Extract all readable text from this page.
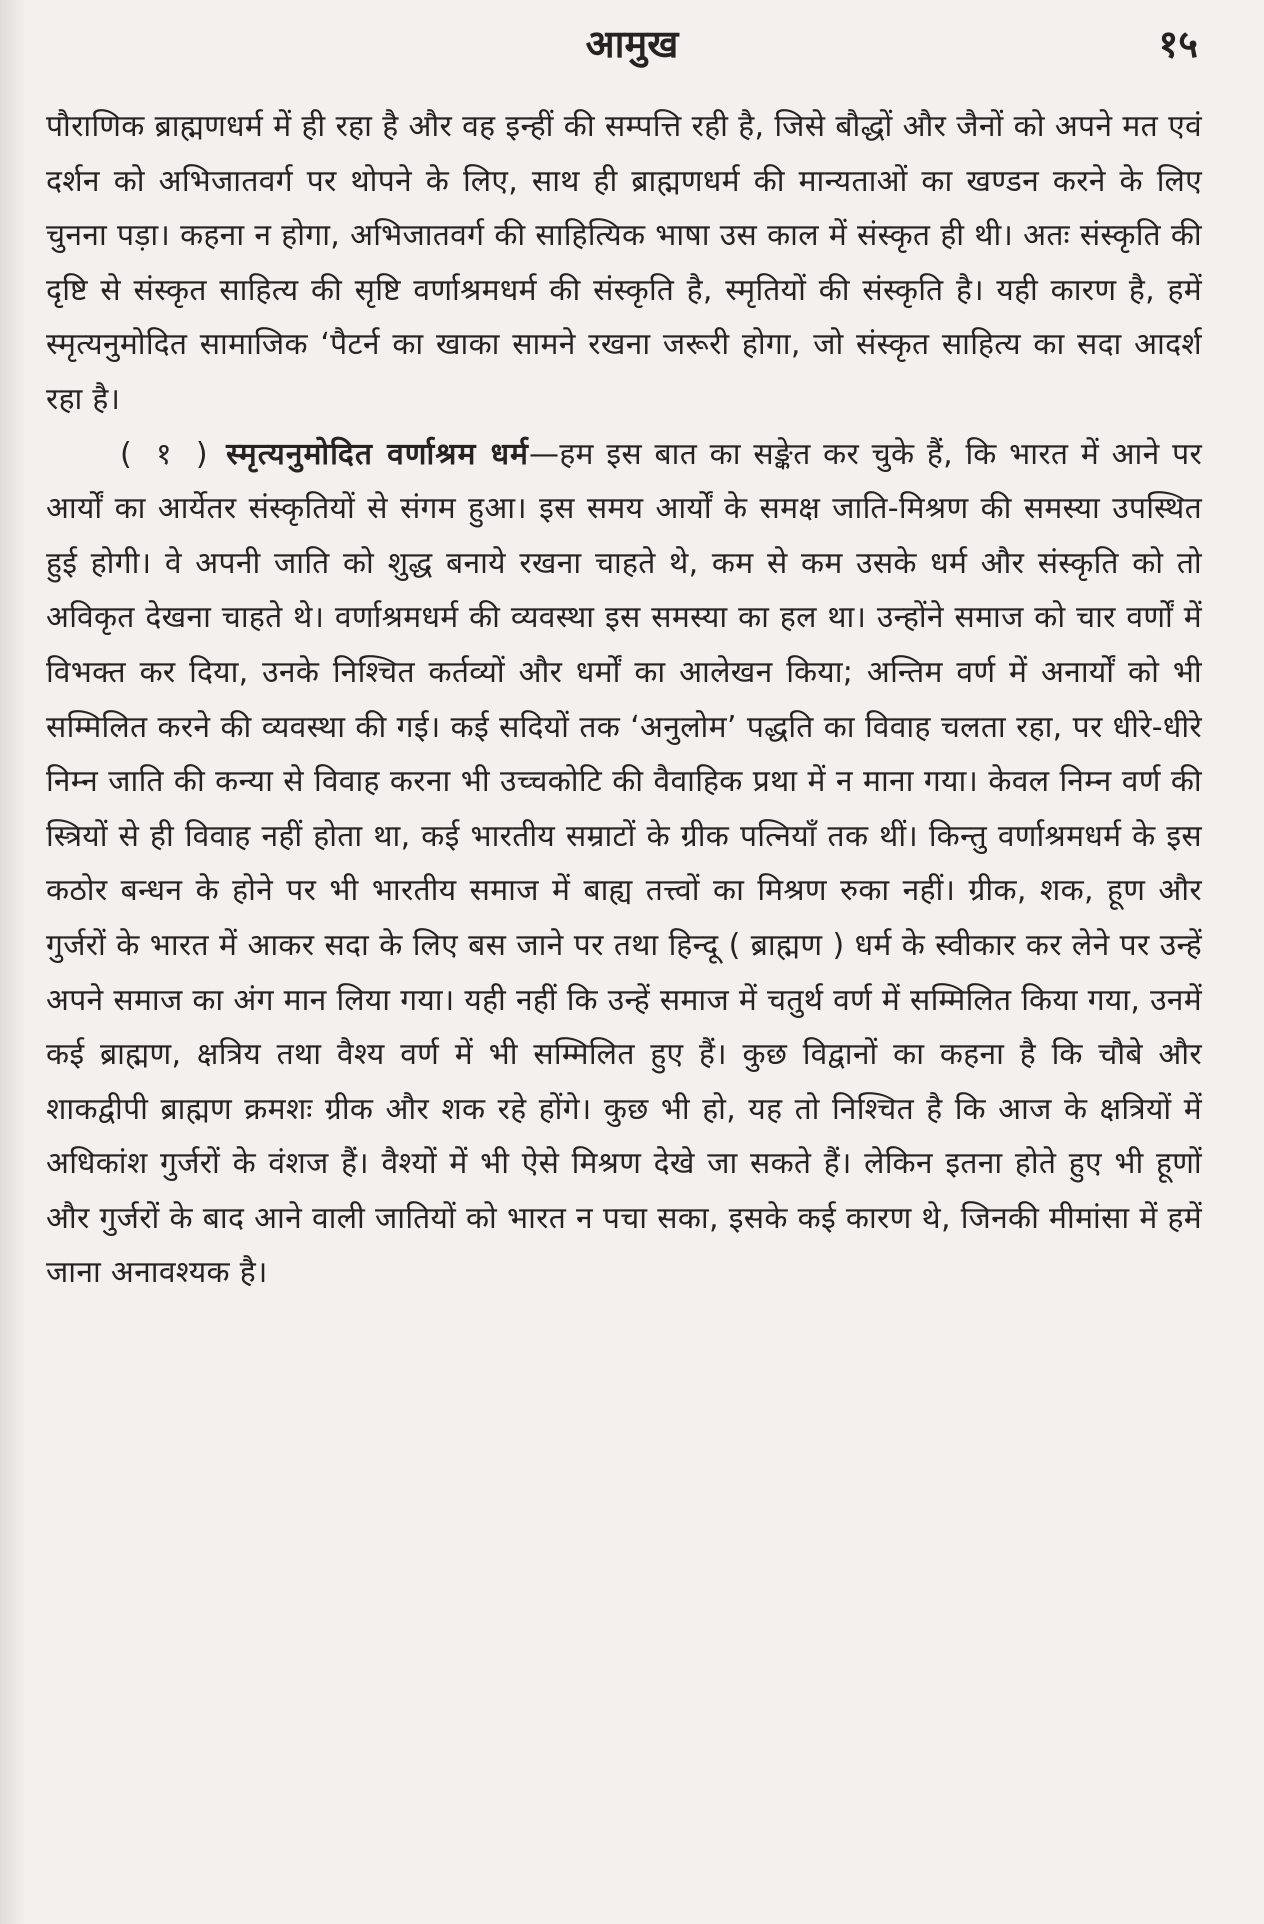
आमुख	१५

पौराणिक ब्राह्मणधर्म में ही रहा है और वह इन्हीं की सम्पत्ति रही है, जिसे बौद्धों और जैनों को अपने मत एवं दर्शन को अभिजातवर्ग पर थोपने के लिए, साथ ही ब्राह्मणधर्म की मान्यताओं का खण्डन करने के लिए चुनना पड़ा। कहना न होगा, अभिजातवर्ग की साहित्यिक भाषा उस काल में संस्कृत ही थी। अतः संस्कृति की दृष्टि से संस्कृत साहित्य की सृष्टि वर्णाश्रमधर्म की संस्कृति है, स्मृतियों की संस्कृति है। यही कारण है, हमें स्मृत्यनुमोदित सामाजिक ‘पैटर्न का खाका सामने रखना जरूरी होगा, जो संस्कृत साहित्य का सदा आदर्श रहा है।

( १ ) स्मृत्यनुमोदित वर्णाश्रम धर्म—हम इस बात का सङ्केत कर चुके हैं, कि भारत में आने पर आर्यों का आर्येतर संस्कृतियों से संगम हुआ। इस समय आर्यों के समक्ष जाति-मिश्रण की समस्या उपस्थित हुई होगी। वे अपनी जाति को शुद्ध बनाये रखना चाहते थे, कम से कम उसके धर्म और संस्कृति को तो अविकृत देखना चाहते थे। वर्णाश्रमधर्म की व्यवस्था इस समस्या का हल था। उन्होंने समाज को चार वर्णों में विभक्त कर दिया, उनके निश्चित कर्तव्यों और धर्मों का आलेखन किया; अन्तिम वर्ण में अनार्यों को भी सम्मिलित करने की व्यवस्था की गई। कई सदियों तक ‘अनुलोम’ पद्धति का विवाह चलता रहा, पर धीरे-धीरे निम्न जाति की कन्या से विवाह करना भी उच्चकोटि की वैवाहिक प्रथा में न माना गया। केवल निम्न वर्ण की स्त्रियों से ही विवाह नहीं होता था, कई भारतीय सम्राटों के ग्रीक पत्नियाँ तक थीं। किन्तु वर्णाश्रमधर्म के इस कठोर बन्धन के होने पर भी भारतीय समाज में बाह्य तत्त्वों का मिश्रण रुका नहीं। ग्रीक, शक, हूण और गुर्जरों के भारत में आकर सदा के लिए बस जाने पर तथा हिन्दू ( ब्राह्मण ) धर्म के स्वीकार कर लेने पर उन्हें अपने समाज का अंग मान लिया गया। यही नहीं कि उन्हें समाज में चतुर्थ वर्ण में सम्मिलित किया गया, उनमें कई ब्राह्मण, क्षत्रिय तथा वैश्य वर्ण में भी सम्मिलित हुए हैं। कुछ विद्वानों का कहना है कि चौबे और शाकद्वीपी ब्राह्मण क्रमशः ग्रीक और शक रहे होंगे। कुछ भी हो, यह तो निश्चित है कि आज के क्षत्रियों में अधिकांश गुर्जरों के वंशज हैं। वैश्यों में भी ऐसे मिश्रण देखे जा सकते हैं। लेकिन इतना होते हुए भी हूणों और गुर्जरों के बाद आने वाली जातियों को भारत न पचा सका, इसके कई कारण थे, जिनकी मीमांसा में हमें जाना अनावश्यक है।
